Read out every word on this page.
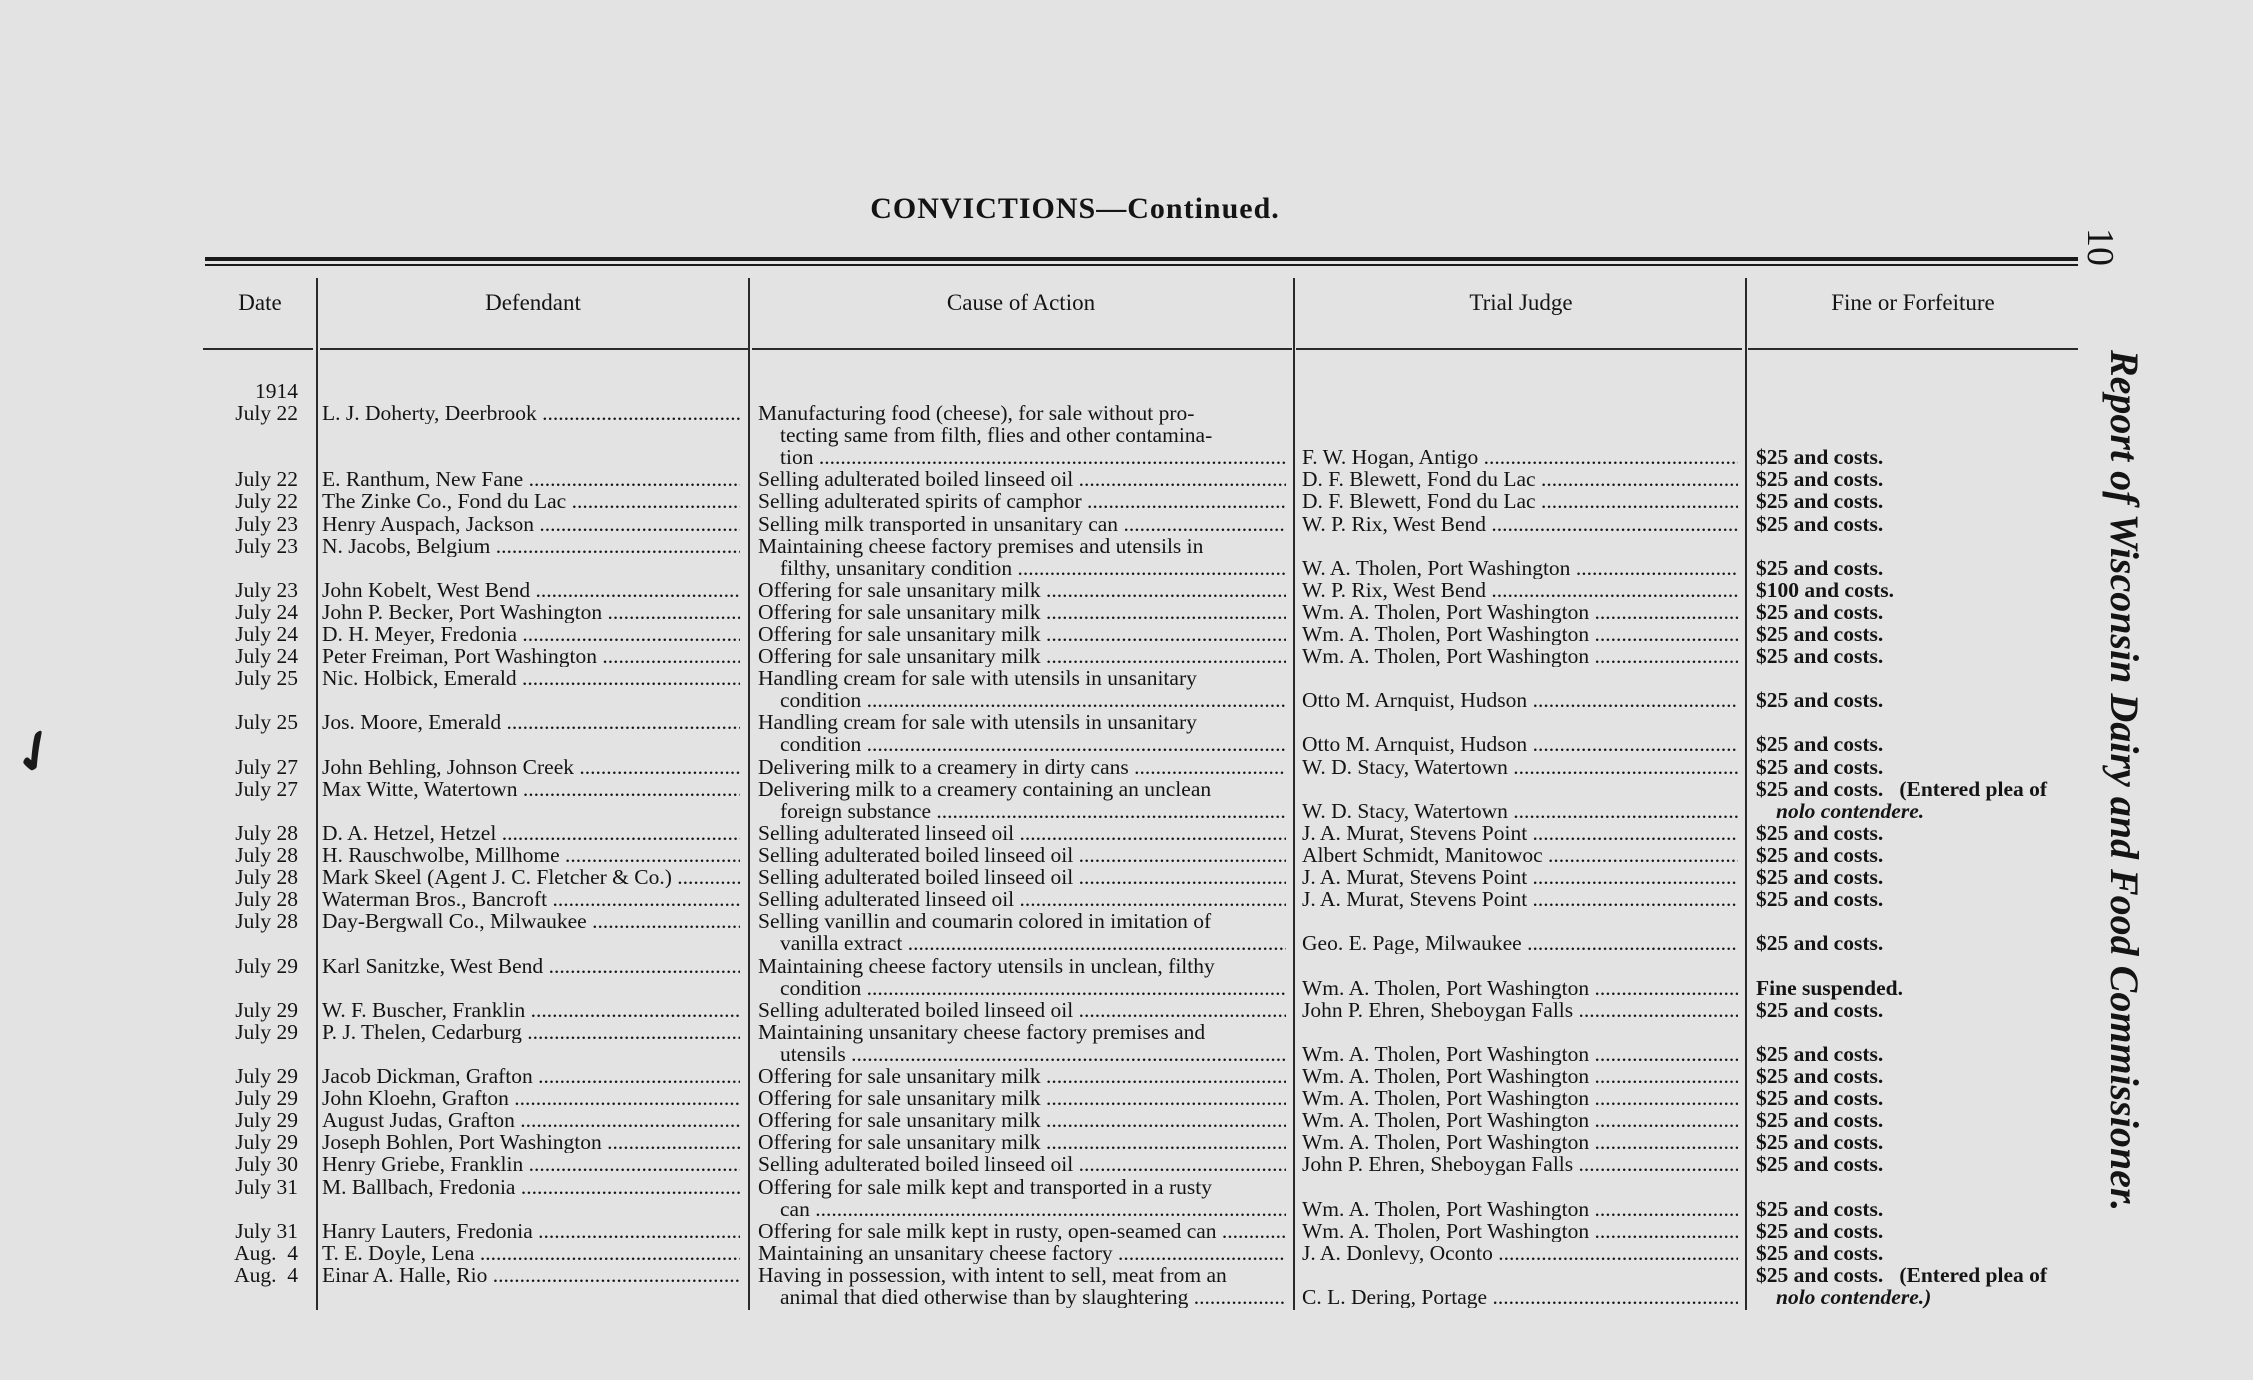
CONVICTIONS—Continued.
10
Report of Wisconsin Dairy and Food Commissioner.
✓︎
Date	Defendant	Cause of Action	Trial Judge	Fine or Forfeiture
1914
July 22 L. J. Doherty, Deerbrook .....	Manufacturing food (cheese), for sale without pro-
tecting same from filth, flies and other contamina-
tion .....	F. W. Hogan, Antigo .....	$25 and costs.
July 22 E. Ranthum, New Fane .....	Selling adulterated boiled linseed oil .....	D. F. Blewett, Fond du Lac .....	$25 and costs.
July 22 The Zinke Co., Fond du Lac .....	Selling adulterated spirits of camphor .....	D. F. Blewett, Fond du Lac .....	$25 and costs.
July 23 Henry Auspach, Jackson .....	Selling milk transported in unsanitary can .....	W. P. Rix, West Bend .....	$25 and costs.
July 23 N. Jacobs, Belgium .....	Maintaining cheese factory premises and utensils in
filthy, unsanitary condition .....	W. A. Tholen, Port Washington .....	$25 and costs.
July 23 John Kobelt, West Bend .....	Offering for sale unsanitary milk .....	W. P. Rix, West Bend .....	$100 and costs.
July 24 John P. Becker, Port Washington .....	Offering for sale unsanitary milk .....	Wm. A. Tholen, Port Washington .....	$25 and costs.
July 24 D. H. Meyer, Fredonia .....	Offering for sale unsanitary milk .....	Wm. A. Tholen, Port Washington .....	$25 and costs.
July 24 Peter Freiman, Port Washington .....	Offering for sale unsanitary milk .....	Wm. A. Tholen, Port Washington .....	$25 and costs.
July 25 Nic. Holbick, Emerald .....	Handling cream for sale with utensils in unsanitary
condition .....	Otto M. Arnquist, Hudson .....	$25 and costs.
July 25 Jos. Moore, Emerald .....	Handling cream for sale with utensils in unsanitary
condition .....	Otto M. Arnquist, Hudson .....	$25 and costs.
July 27 John Behling, Johnson Creek .....	Delivering milk to a creamery in dirty cans .....	W. D. Stacy, Watertown .....	$25 and costs.
July 27 Max Witte, Watertown .....	Delivering milk to a creamery containing an unclean
foreign substance .....	W. D. Stacy, Watertown .....
$25 and costs.   (Entered plea of
nolo contendere.
July 28 D. A. Hetzel, Hetzel .....	Selling adulterated linseed oil .....	J. A. Murat, Stevens Point .....	$25 and costs.
July 28 H. Rauschwolbe, Millhome .....	Selling adulterated boiled linseed oil .....	Albert Schmidt, Manitowoc .....	$25 and costs.
July 28 Mark Skeel (Agent J. C. Fletcher & Co.) .....	Selling adulterated boiled linseed oil .....	J. A. Murat, Stevens Point .....	$25 and costs.
July 28 Waterman Bros., Bancroft .....	Selling adulterated linseed oil .....	J. A. Murat, Stevens Point .....	$25 and costs.
July 28 Day-Bergwall Co., Milwaukee .....	Selling vanillin and coumarin colored in imitation of
vanilla extract .....	Geo. E. Page, Milwaukee .....	$25 and costs.
July 29 Karl Sanitzke, West Bend .....	Maintaining cheese factory utensils in unclean, filthy
condition .....	Wm. A. Tholen, Port Washington .....	Fine suspended.
July 29 W. F. Buscher, Franklin .....	Selling adulterated boiled linseed oil .....	John P. Ehren, Sheboygan Falls .....	$25 and costs.
July 29 P. J. Thelen, Cedarburg .....	Maintaining unsanitary cheese factory premises and
utensils .....	Wm. A. Tholen, Port Washington .....	$25 and costs.
July 29 Jacob Dickman, Grafton .....	Offering for sale unsanitary milk .....	Wm. A. Tholen, Port Washington .....	$25 and costs.
July 29 John Kloehn, Grafton .....	Offering for sale unsanitary milk .....	Wm. A. Tholen, Port Washington .....	$25 and costs.
July 29 August Judas, Grafton .....	Offering for sale unsanitary milk .....	Wm. A. Tholen, Port Washington .....	$25 and costs.
July 29 Joseph Bohlen, Port Washington .....	Offering for sale unsanitary milk .....	Wm. A. Tholen, Port Washington .....	$25 and costs.
July 30 Henry Griebe, Franklin .....	Selling adulterated boiled linseed oil .....	John P. Ehren, Sheboygan Falls .....	$25 and costs.
July 31 M. Ballbach, Fredonia .....	Offering for sale milk kept and transported in a rusty
can .....	Wm. A. Tholen, Port Washington .....	$25 and costs.
July 31 Hanry Lauters, Fredonia .....	Offering for sale milk kept in rusty, open-seamed can .....	Wm. A. Tholen, Port Washington .....	$25 and costs.
Aug.  4 T. E. Doyle, Lena .....	Maintaining an unsanitary cheese factory .....	J. A. Donlevy, Oconto .....	$25 and costs.
Aug.  4 Einar A. Halle, Rio .....	Having in possession, with intent to sell, meat from an
animal that died otherwise than by slaughtering .....	C. L. Dering, Portage .....
$25 and costs.   (Entered plea of
nolo contendere.)
